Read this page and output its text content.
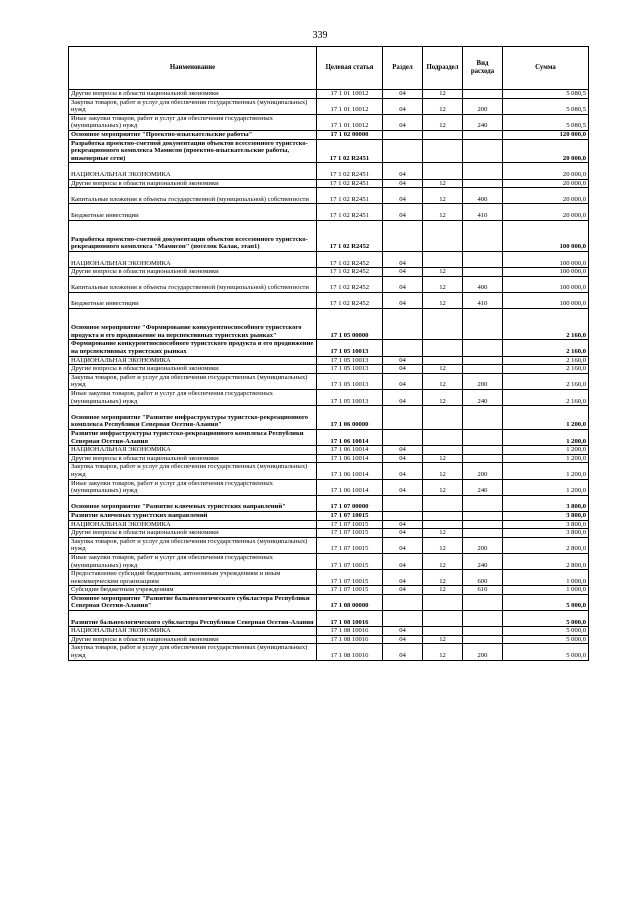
339
Наименование	Целевая статья	Раздел	Подраздел	Вид расхода	Сумма
Другие вопросы в области национальной экономики	17 1 01 10012	04	12		5 080,5
Закупка товаров, работ и услуг для обеспечения государственных (муниципальных) нужд	17 1 01 10012	04	12	200	5 080,5
Иные закупки товаров, работ и услуг для обеспечения государственных (муниципальных) нужд	17 1 01 10012	04	12	240	5 080,5
Основное мероприятие "Проектно-изыскательские работы"	17 1 02 00000				120 000,0
Разработка проектно-сметной документации объектов всесезонного туристско-рекреационного комплекса Мамисон (проектно-изыскательские работы, инженерные сети)	17 1 02 R2451				20 000,0
НАЦИОНАЛЬНАЯ ЭКОНОМИКА	17 1 02 R2451	04			20 000,0
Другие вопросы в области национальной экономики	17 1 02 R2451	04	12		20 000,0
Капитальные вложения в объекты государственной (муниципальной) собственности	17 1 02 R2451	04	12	400	20 000,0
Бюджетные инвестиции	17 1 02 R2451	04	12	410	20 000,0
Разработка проектно-сметной документации объектов всесезонного туристско-рекреационного комплекса "Мамисон" (поселок Калак, этап1)	17 1 02 R2452				100 000,0
НАЦИОНАЛЬНАЯ ЭКОНОМИКА	17 1 02 R2452	04			100 000,0
Другие вопросы в области национальной экономики	17 1 02 R2452	04	12		100 000,0
Капитальные вложения в объекты государственной (муниципальной) собственности	17 1 02 R2452	04	12	400	100 000,0
Бюджетные инвестиции	17 1 02 R2452	04	12	410	100 000,0
Основное мероприятие "Формирование конкурентноспособного туристского продукта и его продвижение на перспективных туристских рынках"	17 1 05 00000				2 160,0
Формирование конкурентноспособного туристского продукта и его продвижение на перспективных туристских рынках	17 1 05 10013				2 160,0
НАЦИОНАЛЬНАЯ ЭКОНОМИКА	17 1 05 10013	04			2 160,0
Другие вопросы в области национальной экономики	17 1 05 10013	04	12		2 160,0
Закупка товаров, работ и услуг для обеспечения государственных (муниципальных) нужд	17 1 05 10013	04	12	200	2 160,0
Иные закупки товаров, работ и услуг для обеспечения государственных (муниципальных) нужд	17 1 05 10013	04	12	240	2 160,0
Основное мероприятие "Развитие инфраструктуры туристско-рекреационного комплекса Республики Северная Осетия-Алания"	17 1 06 00000				1 200,0
Развитие инфраструктуры туристско-рекреационного комплекса Республики Северная Осетия-Алания	17 1 06 10014				1 200,0
НАЦИОНАЛЬНАЯ ЭКОНОМИКА	17 1 06 10014	04			1 200,0
Другие вопросы в области национальной экономики	17 1 06 10014	04	12		1 200,0
Закупка товаров, работ и услуг для обеспечения государственных (муниципальных) нужд	17 1 06 10014	04	12	200	1 200,0
Иные закупки товаров, работ и услуг для обеспечения государственных (муниципальных) нужд	17 1 06 10014	04	12	240	1 200,0
Основное мероприятие "Развитие ключевых туристских направлений"	17 1 07 00000				3 800,0
Развитие ключевых туристских направлений	17 1 07 10015				3 800,0
НАЦИОНАЛЬНАЯ ЭКОНОМИКА	17 1 07 10015	04			3 800,0
Другие вопросы в области национальной экономики	17 1 07 10015	04	12		3 800,0
Закупка товаров, работ и услуг для обеспечения государственных (муниципальных) нужд	17 1 07 10015	04	12	200	2 800,0
Иные закупки товаров, работ и услуг для обеспечения государственных (муниципальных) нужд	17 1 07 10015	04	12	240	2 800,0
Предоставление субсидий бюджетным, автономным учреждениям и иным некоммерческим организациям	17 1 07 10015	04	12	600	1 000,0
Субсидии бюджетным учреждениям	17 1 07 10015	04	12	610	1 000,0
Основное мероприятие "Развитие бальнеологического субкластера Республики Северная Осетия-Алания"	17 1 08 00000				5 000,0
Развитие бальнеологического субкластера Республики Северная Осетия-Алания	17 1 08 10016				5 000,0
НАЦИОНАЛЬНАЯ ЭКОНОМИКА	17 1 08 10016	04			5 000,0
Другие вопросы в области национальной экономики	17 1 08 10016	04	12		5 000,0
Закупка товаров, работ и услуг для обеспечения государственных (муниципальных) нужд	17 1 08 10016	04	12	200	5 000,0
